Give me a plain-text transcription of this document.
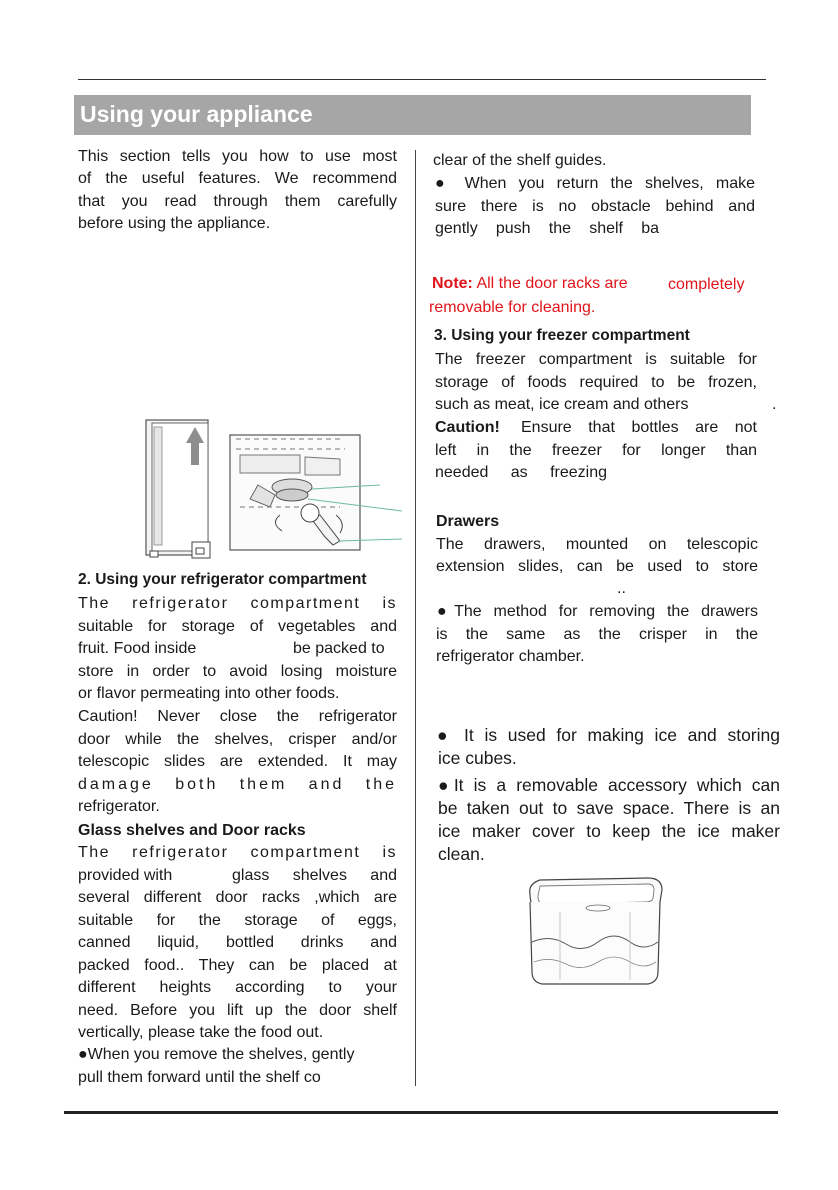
Using your appliance
This section tells you how to use most
of the useful features. We recommend
that you read through them carefully
before using the appliance.
2. Using your refrigerator compartment
The refrigerator compartment is
suitable for storage of vegetables and
fruit. Food inside	be packed to
store in order to avoid losing moisture
or flavor permeating into other foods.
Caution! Never close the refrigerator
door while the shelves, crisper and/or
telescopic slides are extended. It may
damage both them and the
refrigerator.
Glass shelves and Door racks
The refrigerator compartment is
provided with	glass shelves and
several different door racks ,which are
suitable for the storage of eggs,
canned liquid, bottled drinks and
packed food.. They can be placed at
different heights according to your
need. Before you lift up the door shelf
vertically, please take the food out.
●When you remove the shelves, gently
pull them forward until the shelf co
clear of the shelf guides.
● When you return the shelves, make
sure there is no obstacle behind and
gently push the shelf ba
Note: All the door racks are	completely
removable for cleaning.
3. Using your freezer compartment
The freezer compartment is suitable for
storage of foods required to be frozen,
such as meat, ice cream and others	.
Caution! Ensure that bottles are not
left in the freezer for longer than
needed as freezing
Drawers
The drawers, mounted on telescopic
extension slides, can be used to store
..
●The method for removing the drawers
is the same as the crisper in the
refrigerator chamber.
● It is used for making ice and storing
ice cubes.
●It is a removable accessory which can
be taken out to save space. There is an
ice maker cover to keep the ice maker
clean.
